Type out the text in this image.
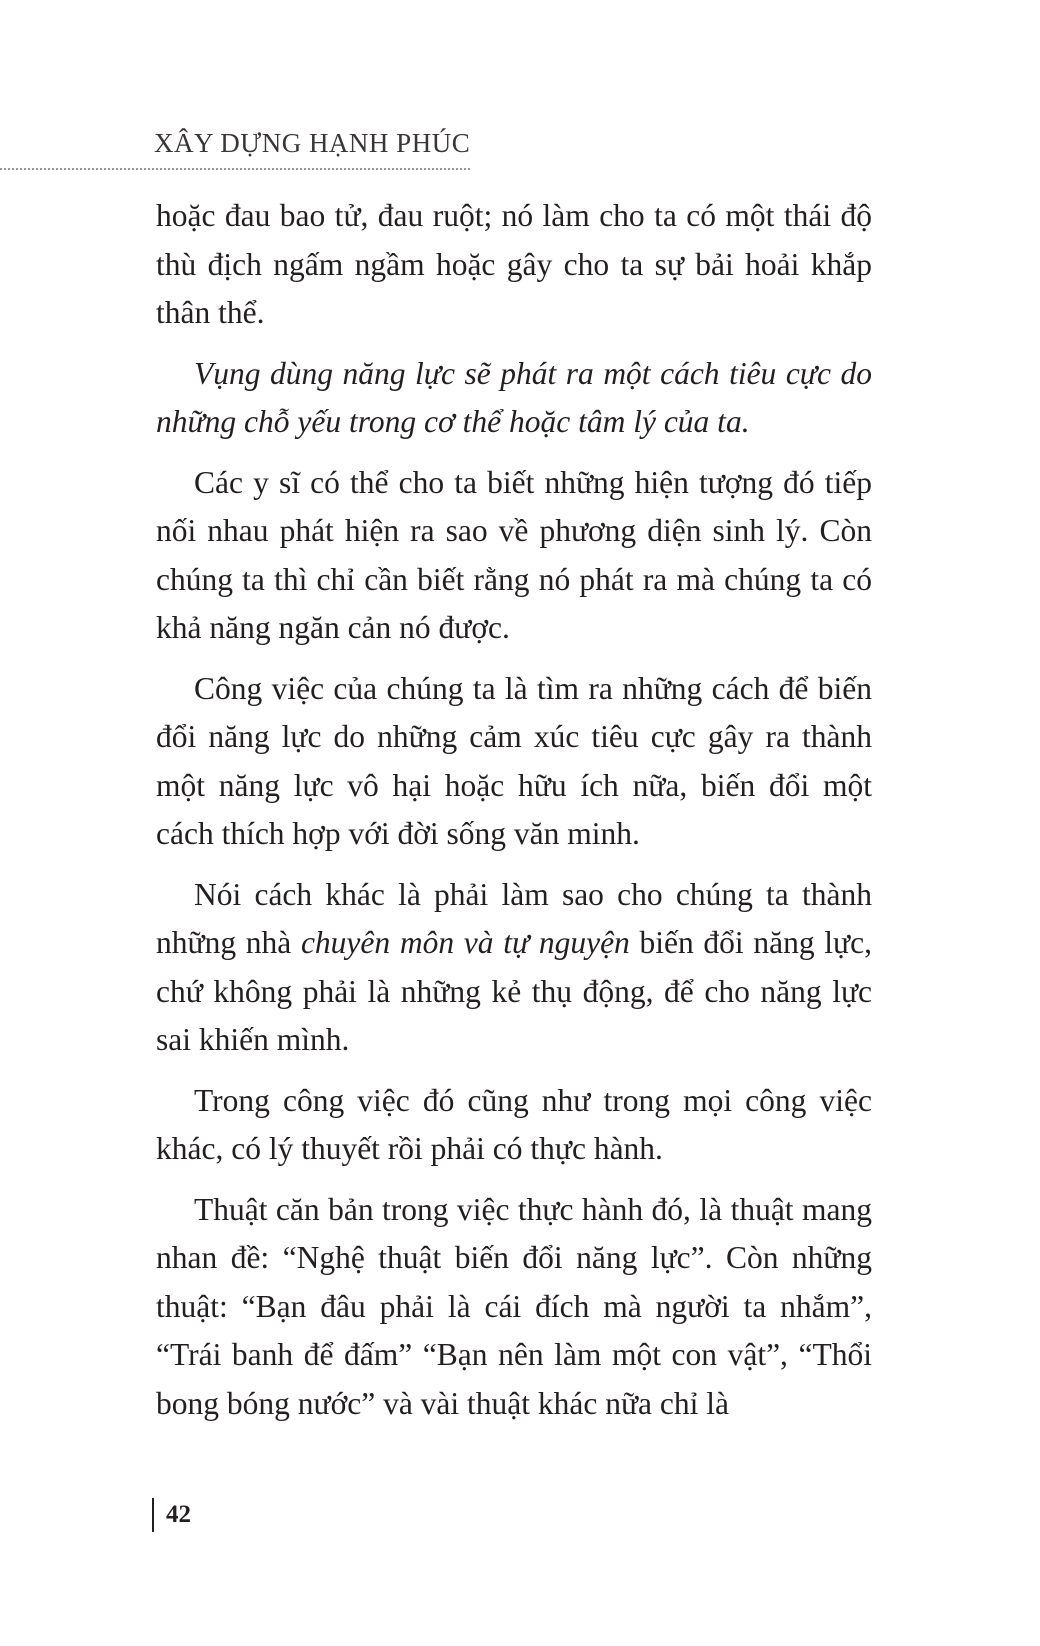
XÂY DỰNG HẠNH PHÚC

hoặc đau bao tử, đau ruột; nó làm cho ta có một thái độ thù địch ngấm ngầm hoặc gây cho ta sự bải hoải khắp thân thể.

Vụng dùng năng lực sẽ phát ra một cách tiêu cực do những chỗ yếu trong cơ thể hoặc tâm lý của ta.

Các y sĩ có thể cho ta biết những hiện tượng đó tiếp nối nhau phát hiện ra sao về phương diện sinh lý. Còn chúng ta thì chỉ cần biết rằng nó phát ra mà chúng ta có khả năng ngăn cản nó được.

Công việc của chúng ta là tìm ra những cách để biến đổi năng lực do những cảm xúc tiêu cực gây ra thành một năng lực vô hại hoặc hữu ích nữa, biến đổi một cách thích hợp với đời sống văn minh.

Nói cách khác là phải làm sao cho chúng ta thành những nhà chuyên môn và tự nguyện biến đổi năng lực, chứ không phải là những kẻ thụ động, để cho năng lực sai khiến mình.

Trong công việc đó cũng như trong mọi công việc khác, có lý thuyết rồi phải có thực hành.

Thuật căn bản trong việc thực hành đó, là thuật mang nhan đề: “Nghệ thuật biến đổi năng lực”. Còn những thuật: “Bạn đâu phải là cái đích mà người ta nhắm”, “Trái banh để đấm” “Bạn nên làm một con vật”, “Thổi bong bóng nước” và vài thuật khác nữa chỉ là

42
